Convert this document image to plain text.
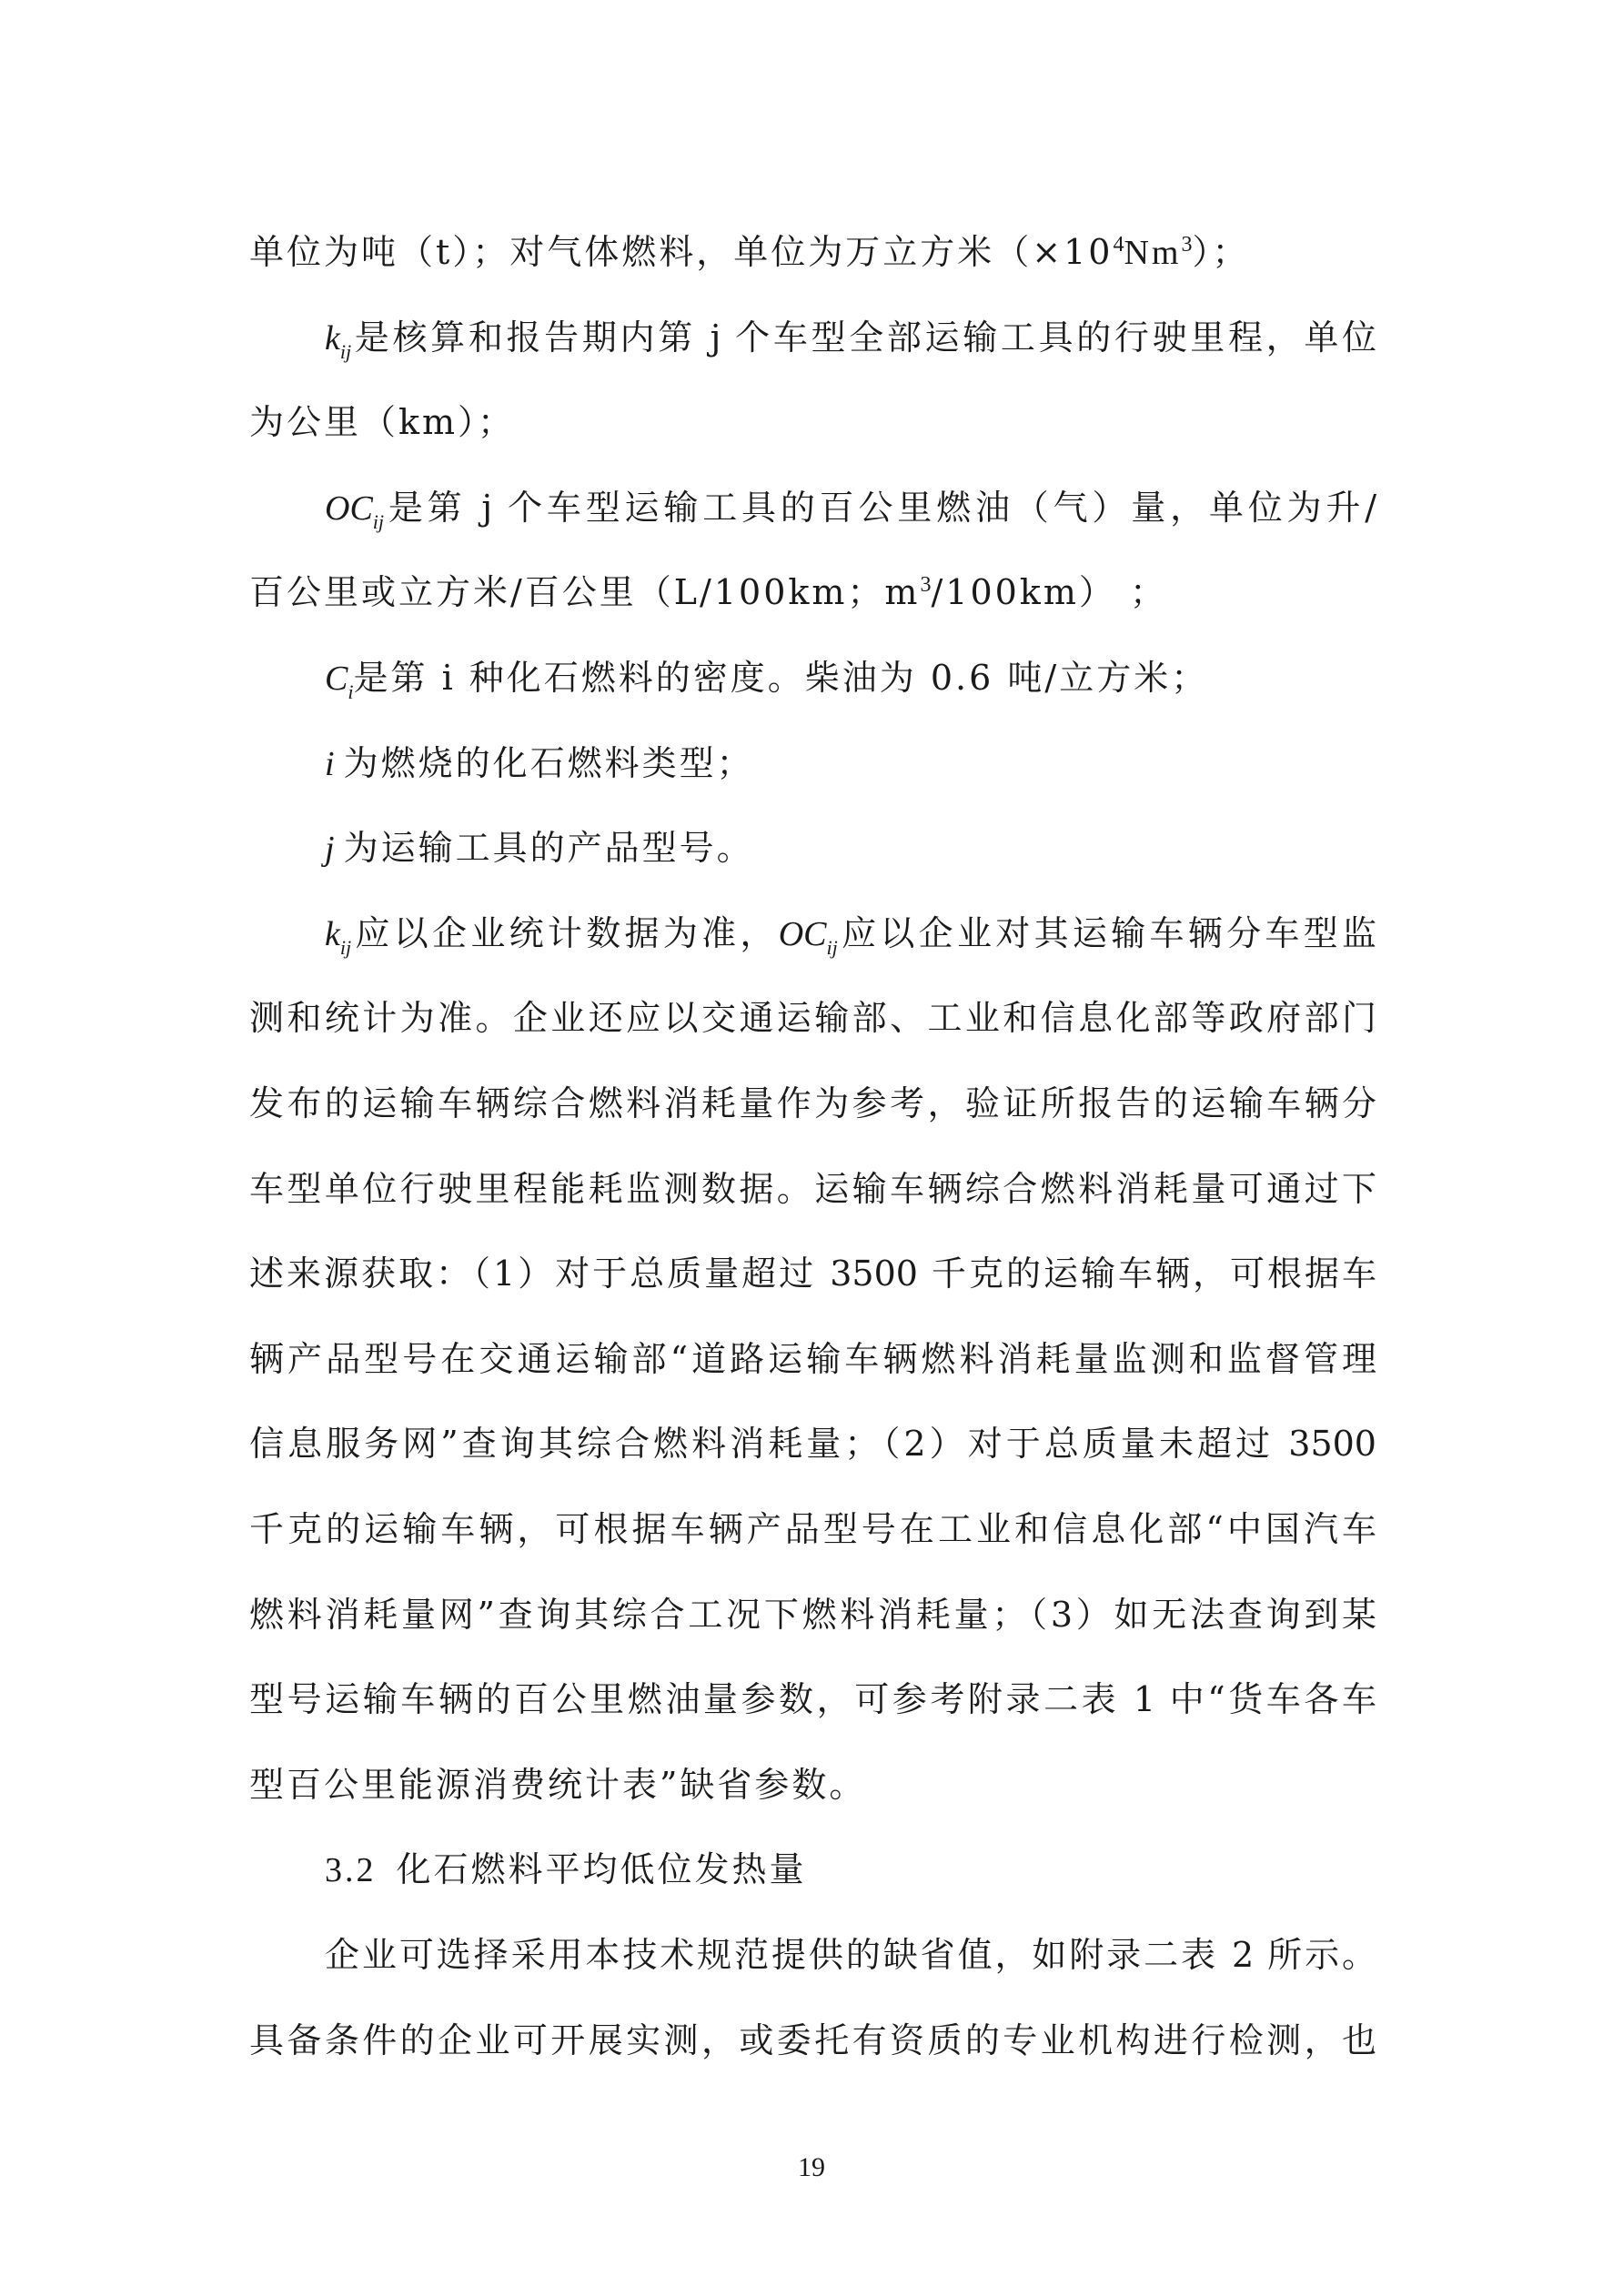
单位为吨（t）；对气体燃料，单位为万立方米$(\times 10^4Nm^3)$；
$k_{ij}$是核算和报告期内第 j 个车型全部运输工具的行驶里程，单位
为公里（km）；
$OC_{ij}$是第 j 个车型运输工具的百公里燃油（气）量，单位为升/
百公里或立方米/百公里（L/100km；$m^3/100km$） ；
$C_i$是第 i 种化石燃料的密度。柴油为 0.6 吨/立方米；
i 为燃烧的化石燃料类型；
j 为运输工具的产品型号。
$k_{ij}$应以企业统计数据为准，$OC_{ij}$应以企业对其运输车辆分车型监
测和统计为准。企业还应以交通运输部、工业和信息化部等政府部门
发布的运输车辆综合燃料消耗量作为参考，验证所报告的运输车辆分
车型单位行驶里程能耗监测数据。运输车辆综合燃料消耗量可通过下
述来源获取：（1）对于总质量超过 3500 千克的运输车辆，可根据车
辆产品型号在交通运输部“道路运输车辆燃料消耗量监测和监督管理
信息服务网”查询其综合燃料消耗量；（2）对于总质量未超过 3500
千克的运输车辆，可根据车辆产品型号在工业和信息化部“中国汽车
燃料消耗量网”查询其综合工况下燃料消耗量；（3）如无法查询到某
型号运输车辆的百公里燃油量参数，可参考附录二表 1 中“货车各车
型百公里能源消费统计表”缺省参数。
3.2 化石燃料平均低位发热量
企业可选择采用本技术规范提供的缺省值，如附录二表 2 所示。
具备条件的企业可开展实测，或委托有资质的专业机构进行检测，也
19
